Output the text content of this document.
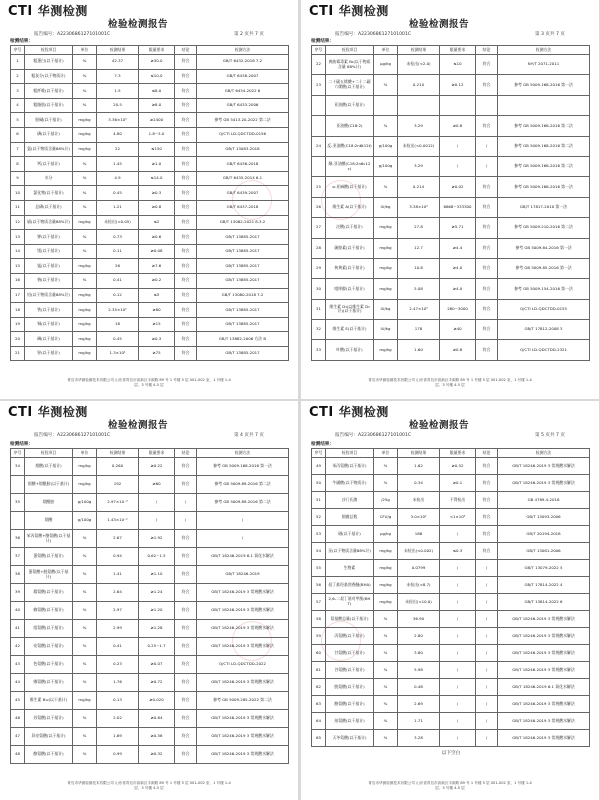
CTI 华测检测
检验检测报告
报告编号：A2230686127101001C	第 2 页共 7 页
检测结果：
序号	检验项目	单位	检测结果	限量要求	结论	检测方法
1	粗蛋白(以干基计)	%	42.37	≥30.0	符合	GB/T 6432-2018 7.2
2	粗灰分(以干物质计)	%	7.3	≤10.0	符合	GB/T 6438-2007
3	粗纤维(以干基计)	%	1.5	≤8.0	符合	GB/T 6434-2022 6
4	粗脂肪(以干基计)	%	20.5	≥8.0	符合	GB/T 6433-2006
5	胆碱(以干基计)	mg/kg	3.36×10³	≥2400	符合	参考 GB 5413.20-2022 第二法
6	磷(以干基计)	mg/kg	4.80	1.8~5.0	符合	Q/CTI LD-QDCTDD-0156
7	氯(以干物质含量88%计)	mg/kg	22	≤150	符合	GB/T 13083-2018
8	钙(以干基计)	%	1.45	≥1.0	符合	GB/T 6436-2018
9	水分	%	4.9	≤14.0	符合	GB/T 6435-2014 6.1
10	氯化物(以干基计)	%	0.45	≥0.3	符合	GB/T 6439-2007
11	总磷(以干基计)	%	1.21	≥0.8	符合	GB/T 6437-2018
12	镉(以干物质含量88%计)	mg/kg	未检出(<0.05)	≤2	符合	GB/T 13082-2021 8.3.2
13	钾(以干基计)	%	0.73	≥0.6	符合	GB/T 13885-2017
14	镁(以干基计)	%	0.11	≥0.08	符合	GB/T 13885-2017
15	锰(以干基计)	mg/kg	26	≥7.6	符合	GB/T 13885-2017
16	钠(以干基计)	%	0.41	≥0.2	符合	GB/T 13885-2017
17	铅(以干物质含量88%计)	mg/kg	0.12	≤5	符合	GB/T 13080-2018 7.2
18	铁(以干基计)	mg/kg	2.35×10²	≥80	符合	GB/T 13885-2017
19	铜(以干基计)	mg/kg	18	≥15	符合	GB/T 13885-2017
20	碘(以干基计)	mg/kg	0.45	≥0.3	符合	GB/T 13882-2006 方法 B
21	锌(以干基计)	mg/kg	1.3×10²	≥75	符合	GB/T 13885-2017
青岛市华测检测技术有限公司 山东省青岛市高新区丰源路 89 号 1 号楼 5 层 001-002 室、1 号楼 1-4
层、3 号楼 4-5 层
CTI 华测检测
检验检测报告
报告编号：A2230686127101001C	第 3 页共 7 页
检测结果：
序号	检验项目	单位	检测结果	限量要求	结论	检测方法
22	黄曲霉毒素 B₁(以干物质含量 88%计)	μg/kg	未检出(<2.0)	≤10	符合	NY/T 2071-2011
23	二十碳五烯酸+二十二碳六烯酸(以干基计)	%	0.210	≥0.12	符合	参考 GB 5009.168-2016 第一法
	亚油酸(以干基计)					
	亚油酸(C18:2)	%	3.29	≥0.8	符合	参考 GB 5009.168-2016 第二法
24	反-亚油酸(C18:2n6t12t)	g/100g	未检出(<0.0012)	/	/	参考 GB 5009.168-2016 第二法
	顺-亚油酸(C18:2n6c12c)	g/100g	3.29	/	/	参考 GB 5009.168-2016 第二法
25	α-亚麻酸(以干基计)	%	0.214	≥0.02	符合	参考 GB 5009.168-2016 第一法
26	维生素 A(以干基计)	IU/kg	3.38×10⁴	6668~333300	符合	GB/T 17817-2010 第一法
27	泛酸(以干基计)	mg/kg	27.8	≥5.71	符合	参考 GB 5009.210-2016 第二法
28	硫胺素(以干基计)	mg/kg	12.7	≥4.4	符合	参考 GB 5009.84-2016 第一法
29	核黄素(以干基计)	mg/kg	10.8	≥4.0	符合	参考 GB 5009.85-2016 第一法
30	吡哆醇(以干基计)	mg/kg	5.08	≥4.0	符合	参考 GB 5009.154-2016 第一法
31	维生素 D₃(以维生素 D₃计)(以干基计)	IU/kg	2.47×10³	280~3000	符合	Q/CTI LD-QDCTDD-0155
32	维生素 E(以干基计)	IU/kg	178	≥40	符合	GB/T 17812-2008 3
33	叶酸(以干基计)	mg/kg	1.60	≥0.8	符合	Q/CTI LD-QDCTDD-2321
青岛市华测检测技术有限公司 山东省青岛市高新区丰源路 89 号 1 号楼 5 层 001-002 室、1 号楼 1-4
层、3 号楼 4-5 层
CTI 华测检测
检验检测报告
报告编号：A2230686127101001C	第 4 页共 7 页
检测结果：
序号	检验项目	单位	检测结果	限量要求	结论	检测方法
34	烟酸(以干基计)	mg/kg	0.260	≥0.22	符合	参考 GB 5009.168-2016 第一法
	烟酸+烟酰胺(以干基计)	mg/kg	192	≥60	符合	参考 GB 5009.89-2016 第二法
35	烟酰胺	g/100g	2.97×10⁻³	/	/	参考 GB 5009.89-2016 第二法
	烟酸	g/100g	1.43×10⁻²	/	/	/
36	苯丙氨酸+酪氨酸(以干基计)	%	2.67	≥1.92	符合	/
37	蛋氨酸(以干基计)	%	0.94	0.62~1.5	符合	GB/T 18246-2019 6.1 氧化水解法
38	蛋氨酸+胱氨酸(以干基计)	%	1.41	≥1.10	符合	GB/T 18246-2019
39	精氨酸(以干基计)	%	2.64	≥1.24	符合	GB/T 18246-2019 3 常规酸水解法
40	赖氨酸(以干基计)	%	2.97	≥1.20	符合	GB/T 18246-2019 3 常规酸水解法
41	组氨酸(以干基计)	%	2.99	≥1.28	符合	GB/T 18246-2019 3 常规酸水解法
42	亮氨酸(以干基计)	%	0.41	0.25~1.7	符合	GB/T 18246-2019 3 常规酸水解法
43	色氨酸(以干基计)	%	0.23	≥0.07	符合	Q/CTI LD-QDCTDD-2022
44	缬氨酸(以干基计)	%	1.76	≥0.72	符合	GB/T 18246-2019 3 常规酸水解法
45	维生素 B₁₂(以干基计)	mg/kg	0.13	≥0.020	符合	参考 GB 5009.285-2022 第二法
46	苏氨酸(以干基计)	%	2.02	≥0.84	符合	GB/T 18246-2019 3 常规酸水解法
47	异亮氨酸(以干基计)	%	1.69	≥0.56	符合	GB/T 18246-2019 3 常规酸水解法
48	酪氨酸(以干基计)	%	0.99	≥0.32	符合	GB/T 18246-2019 3 常规酸水解法
青岛市华测检测技术有限公司 山东省青岛市高新区丰源路 89 号 1 号楼 5 层 001-002 室、1 号楼 1-4
层、3 号楼 4-5 层
CTI 华测检测
检验检测报告
报告编号：A2230686127101001C	第 5 页共 7 页
检测结果：
序号	检验项目	单位	检测结果	限量要求	结论	检测方法
49	苯丙氨酸(以干基计)	%	1.62	≥0.52	符合	GB/T 18246-2019 3 常规酸水解法
50	牛磺酸(以干物质计)	%	0.34	≥0.1	符合	GB/T 18246-2019 3 常规酸水解法
51	沙门氏菌	/25g	未检出	不得检出	符合	GB 4789.4-2016
52	细菌总数	CFU/g	3.0×10²	<1×10⁶	符合	GB/T 13093-2006
53	硒(以干基计)	μg/kg	186	/	符合	GB/T 20194-2018
54	汞(以干物质含量88%计)	mg/kg	未检出(<0.002)	≤0.3	符合	GB/T 13081-2006
55	生物素	mg/kg	0.0799	/	/	GB/T 13079-2022 5
56	叔丁基羟基茴香醚(BHA)	mg/kg	未检出(<8.7)	/	/	GB/T 17814-2022 4
57	2,6-二叔丁基对甲酚(BHT)	mg/kg	未检出(<10.0)	/	/	GB/T 13814-2022 6
58	氨基酸总量(以干基计)	%	36.90	/	/	GB/T 18246-2019 3 常规酸水解法
59	丙氨酸(以干基计)	%	2.80	/	/	GB/T 18246-2019 3 常规酸水解法
60	甘氨酸(以干基计)	%	3.80	/	/	GB/T 18246-2019 3 常规酸水解法
61	谷氨酸(以干基计)	%	5.98	/	/	GB/T 18246-2019 3 常规酸水解法
62	胱氨酸(以干基计)	%	0.48	/	/	GB/T 18246-2019 6.1 氧化水解法
63	酪氨酸(以干基计)	%	2.69	/	/	GB/T 18246-2019 3 常规酸水解法
64	丝氨酸(以干基计)	%	1.71	/	/	GB/T 18246-2019 3 常规酸水解法
65	天冬氨酸(以干基计)	%	3.28	/	/	GB/T 18246-2019 3 常规酸水解法
以下空白
青岛市华测检测技术有限公司 山东省青岛市高新区丰源路 89 号 1 号楼 5 层 001-002 室、1 号楼 1-4
层、3 号楼 4-5 层
